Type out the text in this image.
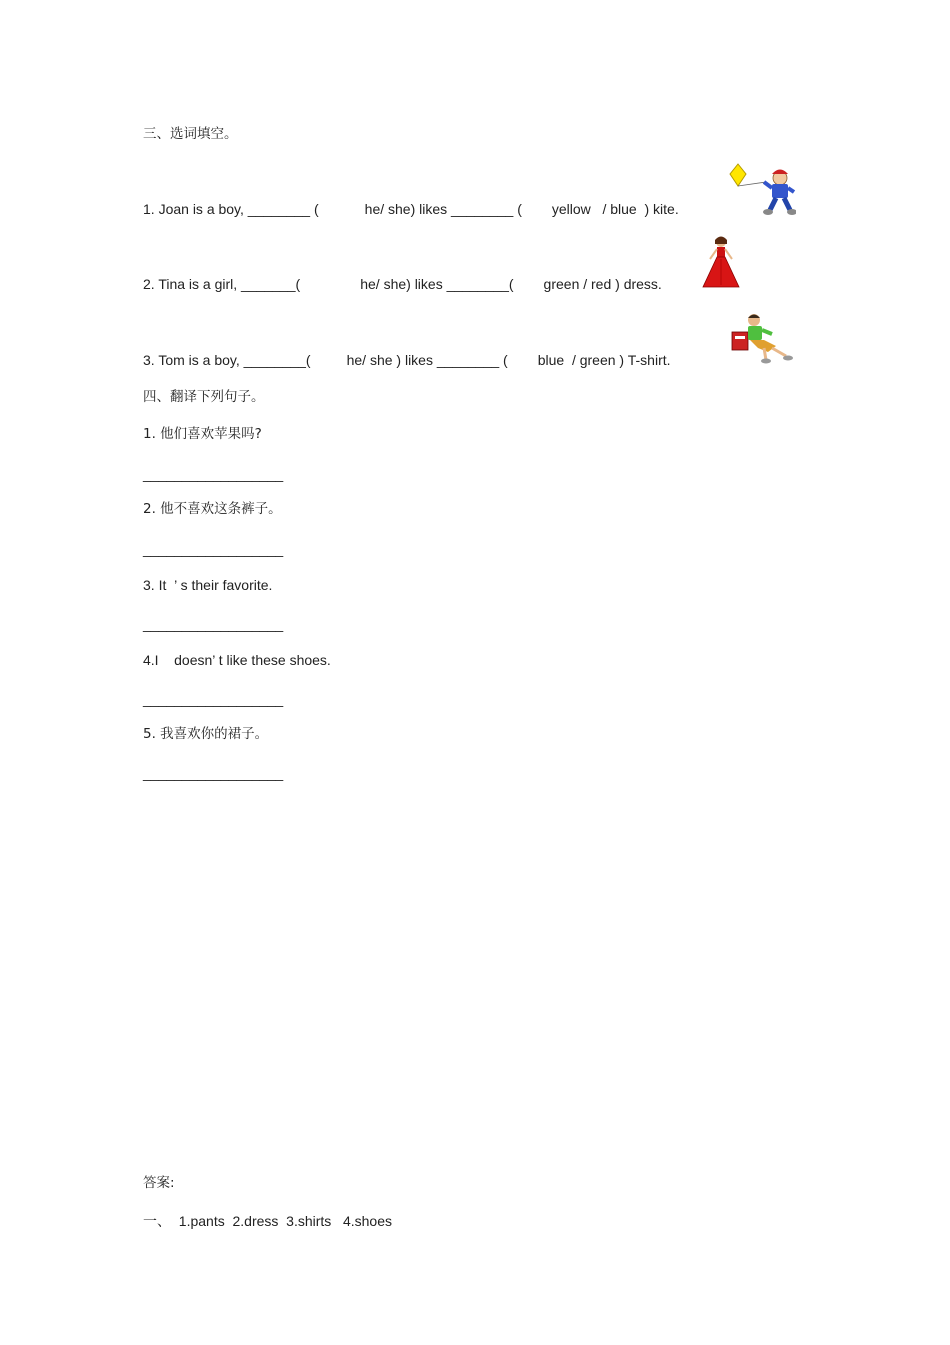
三、选词填空。
1. Joan is a boy, ________ (	he/ she) likes ________ ( yellow   / blue  ) kite.
2. Tina is a girl, _______(	he/ she) likes ________( green / red ) dress.
3. Tom is a boy, ________(	he/ she ) likes ________ ( blue  / green ) T-shirt.
四、翻译下列句子。
1. 他们喜欢苹果吗?
__________________
2. 他不喜欢这条裤子。
__________________
3. It  ’ s their favorite.
__________________
4.I    doesn’ t like these shoes.
__________________
5. 我喜欢你的裙子。
__________________
答案:
一、  1.pants  2.dress  3.shirts   4.shoes
